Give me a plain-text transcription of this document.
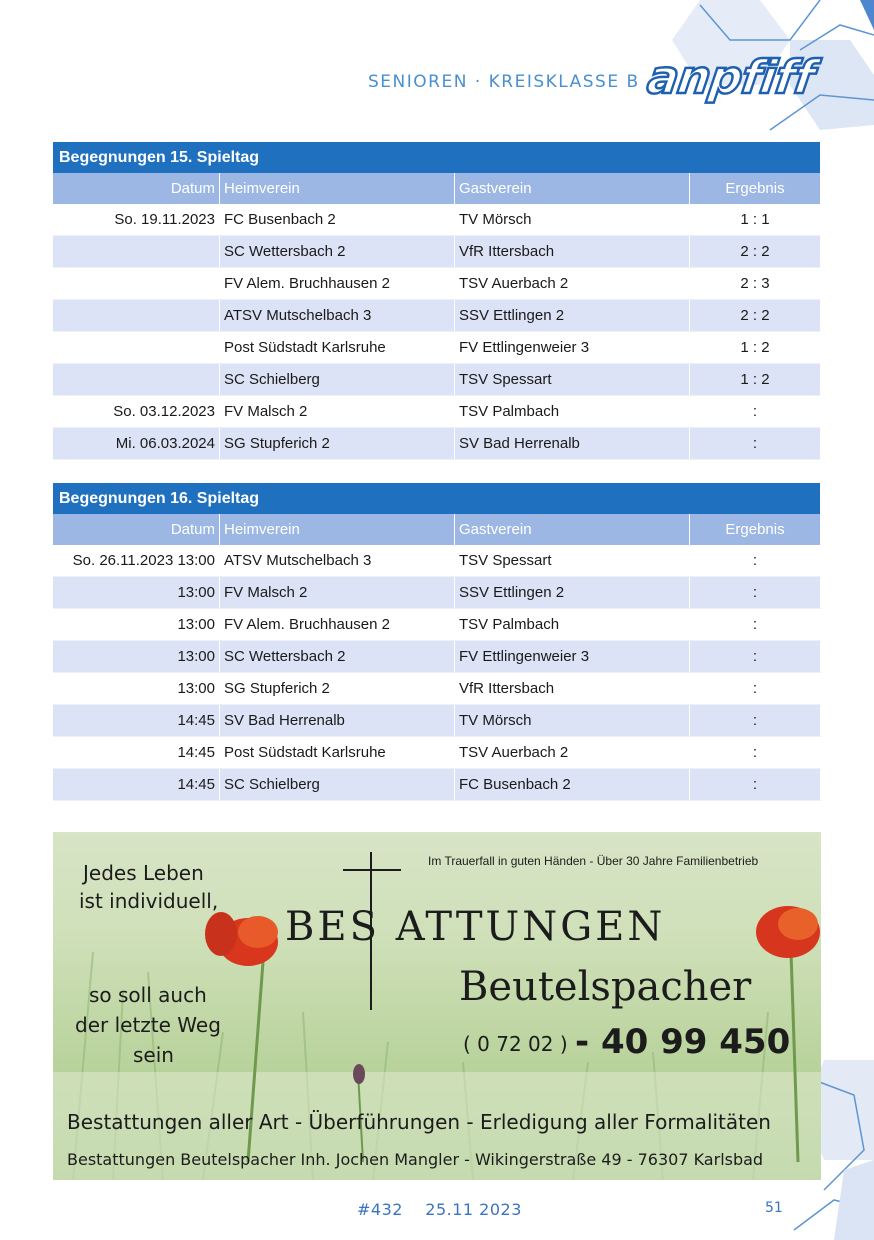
SENIOREN · KREISKLASSE B anpfiff
Begegnungen 15. Spieltag			
Datum	Heimverein	Gastverein	Ergebnis
So. 19.11.2023	FC Busenbach 2	TV Mörsch	1 : 1
	SC Wettersbach 2	VfR Ittersbach	2 : 2
	FV Alem. Bruchhausen 2	TSV Auerbach 2	2 : 3
	ATSV Mutschelbach 3	SSV Ettlingen 2	2 : 2
	Post Südstadt Karlsruhe	FV Ettlingenweier 3	1 : 2
	SC Schielberg	TSV Spessart	1 : 2
So. 03.12.2023	FV Malsch 2	TSV Palmbach	:
Mi. 06.03.2024	SG Stupferich 2	SV Bad Herrenalb	:
Begegnungen 16. Spieltag			
Datum	Heimverein	Gastverein	Ergebnis
So. 26.11.2023 13:00	ATSV Mutschelbach 3	TSV Spessart	:
13:00	FV Malsch 2	SSV Ettlingen 2	:
13:00	FV Alem. Bruchhausen 2	TSV Palmbach	:
13:00	SC Wettersbach 2	FV Ettlingenweier 3	:
13:00	SG Stupferich 2	VfR Ittersbach	:
14:45	SV Bad Herrenalb	TV Mörsch	:
14:45	Post Südstadt Karlsruhe	TSV Auerbach 2	:
14:45	SC Schielberg	FC Busenbach 2	:
Jedes Leben
ist individuell,
so soll auch
der letzte Weg
sein
Im Trauerfall in guten Händen - Über 30 Jahre Familienbetrieb
BES ATTUNGEN
Beutelspacher
( 0 72 02 ) - 40 99 450
Bestattungen aller Art - Überführungen - Erledigung aller Formalitäten
Bestattungen Beutelspacher Inh. Jochen Mangler - Wikingerstraße 49 - 76307 Karlsbad
#432    25.11 2023	51
